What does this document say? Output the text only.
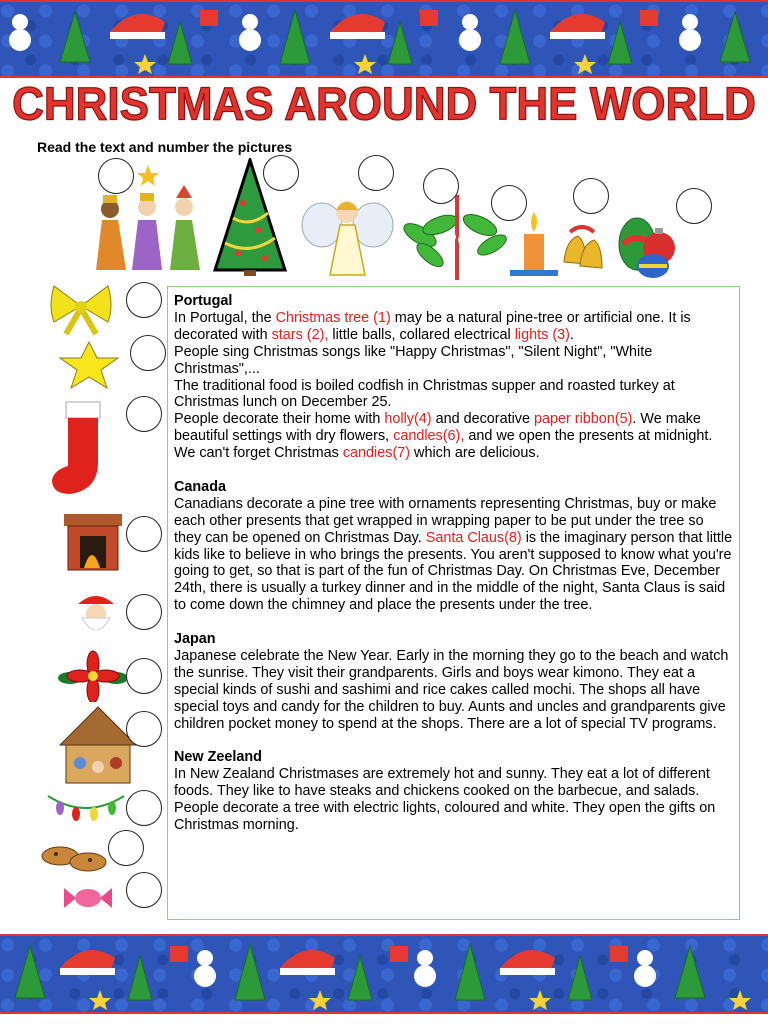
CHRISTMAS AROUND THE WORLD
Read the text and number the pictures
Portugal

In Portugal, the Christmas tree (1) may be a natural pine-tree or artificial one. It is decorated with stars (2), little balls, collared electrical lights (3).

People sing Christmas songs like "Happy Christmas", "Silent Night", "White Christmas",...

The traditional food is boiled codfish in Christmas supper and roasted turkey at Christmas lunch on December 25.

People decorate their home with holly(4) and decorative paper ribbon(5). We make beautiful settings with dry flowers, candles(6), and we open the presents at midnight.

We can't forget Christmas candies(7) which are delicious.

Canada

Canadians decorate a pine tree with ornaments representing Christmas, buy or make each other presents that get wrapped in wrapping paper to be put under the tree so they can be opened on Christmas Day. Santa Claus(8) is the imaginary person that little kids like to believe in who brings the presents. You aren't supposed to know what you're going to get, so that is part of the fun of Christmas Day. On Christmas Eve, December 24th, there is usually a turkey dinner and in the middle of the night, Santa Claus is said to come down the chimney and place the presents under the tree.

Japan

Japanese celebrate the New Year. Early in the morning they go to the beach and watch the sunrise. They visit their grandparents. Girls and boys wear kimono. They eat a special kinds of sushi and sashimi and rice cakes called mochi. The shops all have special toys and candy for the children to buy. Aunts and uncles and grandparents give children pocket money to spend at the shops. There are a lot of special TV programs.

New Zeeland

In New Zealand Christmases are extremely hot and sunny. They eat a lot of different foods. They like to have steaks and chickens cooked on the barbecue, and salads. People decorate a tree with electric lights, coloured and white. They open the gifts on Christmas morning.
